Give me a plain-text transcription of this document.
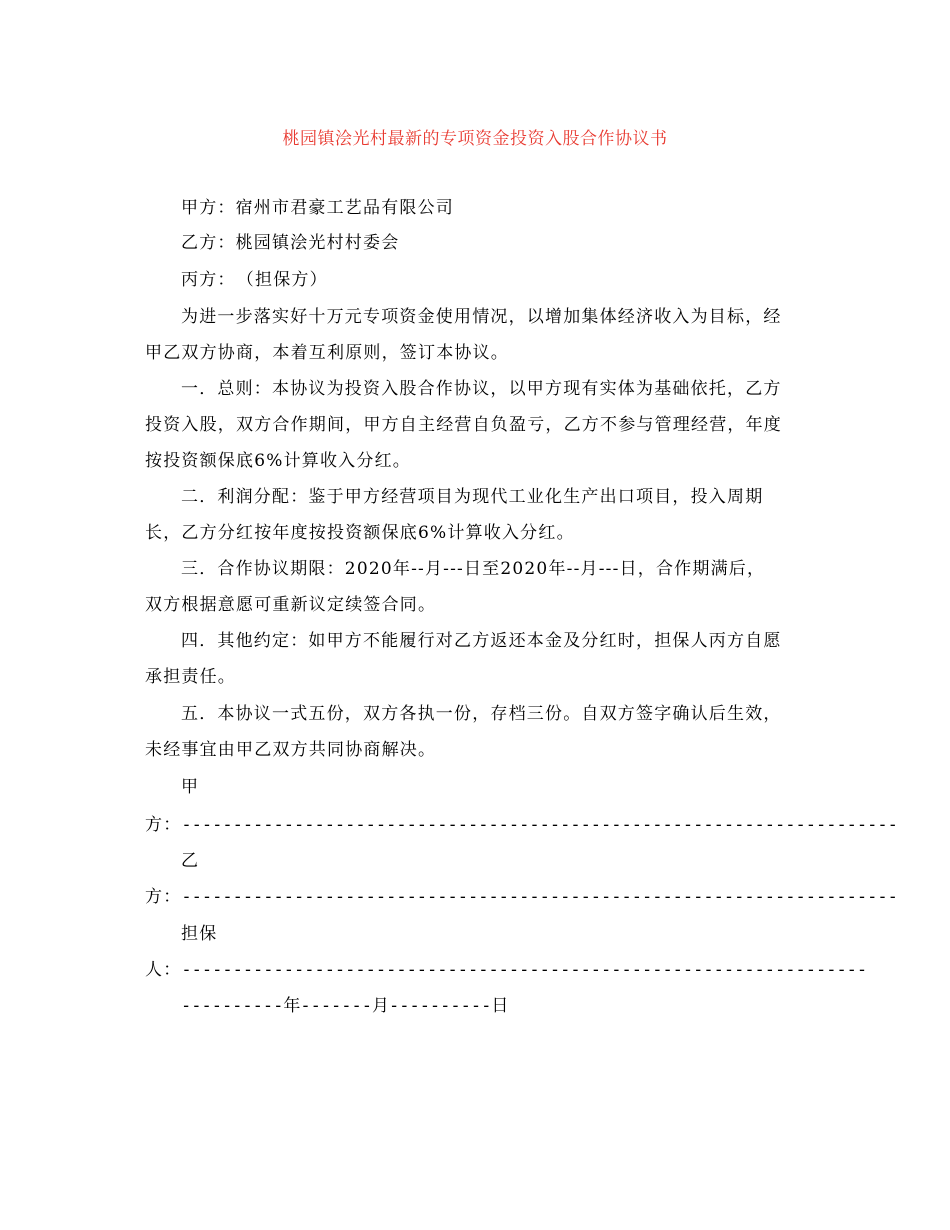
桃园镇浍光村最新的专项资金投资入股合作协议书
甲方：宿州市君豪工艺品有限公司
乙方：桃园镇浍光村村委会
丙方：　（担保方）
为进一步落实好十万元专项资金使用情况，以增加集体经济收入为目标，经
甲乙双方协商，本着互利原则，签订本协议。
一．总则：本协议为投资入股合作协议，以甲方现有实体为基础依托，乙方
投资入股，双方合作期间，甲方自主经营自负盈亏，乙方不参与管理经营，年度
按投资额保底6%计算收入分红。
二．利润分配：鉴于甲方经营项目为现代工业化生产出口项目，投入周期
长，乙方分红按年度按投资额保底6%计算收入分红。
三．合作协议期限：2020年--月---日至2020年--月---日，合作期满后，
双方根据意愿可重新议定续签合同。
四．其他约定：如甲方不能履行对乙方返还本金及分红时，担保人丙方自愿
承担责任。
五．本协议一式五份，双方各执一份，存档三份。自双方签字确认后生效，
未经事宜由甲乙双方共同协商解决。
甲
方：----------------------------------------------------------------------
乙
方：----------------------------------------------------------------------
担保
人：-------------------------------------------------------------------
----------年-------月----------日
